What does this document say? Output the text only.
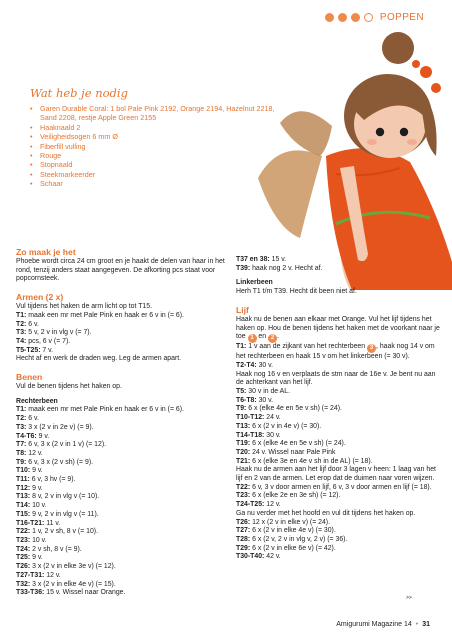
POPPEN
Wat heb je nodig
• Garen Durable Coral: 1 bol Pale Pink 2192, Orange 2194, Hazelnut 2218, Sand 2208, restje Apple Green 2155
• Haaknaald 2
• Veiligheidsogen 6 mm Ø
• Fiberfill vulling
• Rouge
• Stopnaald
• Steekmarkeerder
• Schaar
Zo maak je het

Phoebe wordt circa 24 cm groot en je haakt de delen van haar in het rond, tenzij anders staat aangegeven. De afkorting pcs staat voor popcornsteek.

Armen (2 x)
Vul tijdens het haken de arm licht op tot T15.
T1: maak een mr met Pale Pink en haak er 6 v in (= 6).
T2: 6 v.
T3: 5 v, 2 v in vlg v (= 7).
T4: pcs, 6 v (= 7).
T5-T25: 7 v.
Hecht af en werk de draden weg. Leg de armen apart.
Benen

Vul de benen tijdens het haken op.

Rechterbeen
T1: maak een mr met Pale Pink en haak er 6 v in (= 6).
T2: 6 v.
T3: 3 x (2 v in 2e v) (= 9).
T4-T6: 9 v.
T7: 6 v, 3 x (2 v in 1 v) (= 12).
T8: 12 v.
T9: 6 v, 3 x (2 v sh) (= 9).
T10: 9 v.
T11: 6 v, 3 hv (= 9).
T12: 9 v.
T13: 8 v, 2 v in vlg v (= 10).
T14: 10 v.
T15: 9 v, 2 v in vlg v (= 11).
T16-T21: 11 v.
T22: 1 v, 2 v sh, 8 v (= 10).
T23: 10 v.
T24: 2 v sh, 8 v (= 9).
T25: 9 v.
T26: 3 x (2 v in elke 3e v) (= 12).
T27-T31: 12 v.
T32: 3 x (2 v in elke 4e v) (= 15).
T33-T36: 15 v. Wissel naar Orange.
T37 en 38: 15 v.
T39: haak nog 2 v. Hecht af.
Linkerbeen

Herh T1 t/m T39. Hecht dit been niet af.

Lijf

Haak nu de benen aan elkaar met Orange. Vul het lijf tijdens het haken op. Hou de benen tijdens het haken met de voorkant naar je toe 1 en 2 .

T1: 1 v aan de zijkant van het rechterbeen 3 , haak nog 14 v om het rechterbeen en haak 15 v om het linkerbeen (= 30 v).

T2-T4: 30 v.
Haak nog 16 v en verplaats de stm naar de 16e v. Je bent nu aan de achterkant van het lijf.
T5: 30 v in de AL.
T6-T8: 30 v.
T9: 6 x (elke 4e en 5e v sh) (= 24).
T10-T12: 24 v.
T13: 6 x (2 v in 4e v) (= 30).
T14-T18: 30 v.
T19: 6 x (elke 4e en 5e v sh) (= 24).
T20: 24 v. Wissel naar Pale Pink
T21: 6 x (elke 3e en 4e v sh in de AL) (= 18).
Haak nu de armen aan het lijf door 3 lagen v heen: 1 laag van het lijf en 2 van de armen. Let erop dat de duimen naar voren wijzen.
T22: 6 v, 3 v door armen en lijf, 6 v, 3 v door armen en lijf (= 18).
T23: 6 x (elke 2e en 3e sh) (= 12).
T24-T25: 12 v.
Ga nu verder met het hoofd en vul dit tijdens het haken op.
T26: 12 x (2 v in elke v) (= 24).
T27: 6 x (2 v in elke 4e v) (= 30).
T28: 6 x (2 v, 2 v in vlg v, 2 v) (= 36).
T29: 6 x (2 v in elke 6e v) (= 42).
T30-T40: 42 v.
>>
Amigurumi Magazine 14 • 31
